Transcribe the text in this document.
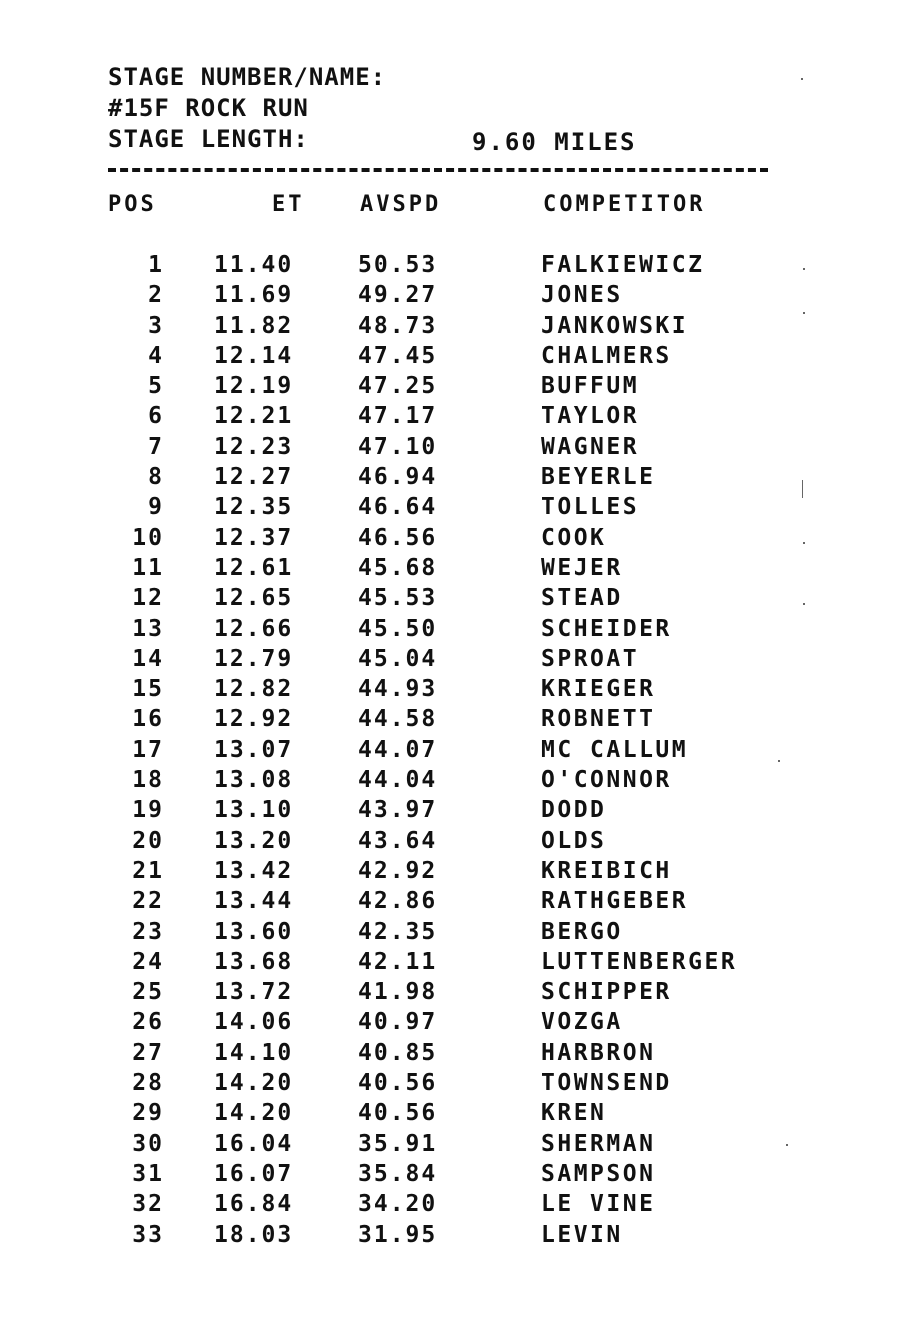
STAGE NUMBER/NAME:
#15F ROCK RUN
STAGE LENGTH:	9.60 MILES
POS	ET	AVSPD	COMPETITOR
1 11.40	50.53	FALKIEWICZ
2 11.69	49.27	JONES
3 11.82	48.73	JANKOWSKI
4 12.14	47.45	CHALMERS
5 12.19	47.25	BUFFUM
6 12.21	47.17	TAYLOR
7 12.23	47.10	WAGNER
8 12.27	46.94	BEYERLE
9 12.35	46.64	TOLLES
10 12.37	46.56	COOK
11 12.61	45.68	WEJER
12 12.65	45.53	STEAD
13 12.66	45.50	SCHEIDER
14 12.79	45.04	SPROAT
15 12.82	44.93	KRIEGER
16 12.92	44.58	ROBNETT
17 13.07	44.07	MC CALLUM
18 13.08	44.04	O'CONNOR
19 13.10	43.97	DODD
20 13.20	43.64	OLDS
21 13.42	42.92	KREIBICH
22 13.44	42.86	RATHGEBER
23 13.60	42.35	BERGO
24 13.68	42.11	LUTTENBERGER
25 13.72	41.98	SCHIPPER
26 14.06	40.97	VOZGA
27 14.10	40.85	HARBRON
28 14.20	40.56	TOWNSEND
29 14.20	40.56	KREN
30 16.04	35.91	SHERMAN
31 16.07	35.84	SAMPSON
32 16.84	34.20	LE VINE
33 18.03	31.95	LEVIN
